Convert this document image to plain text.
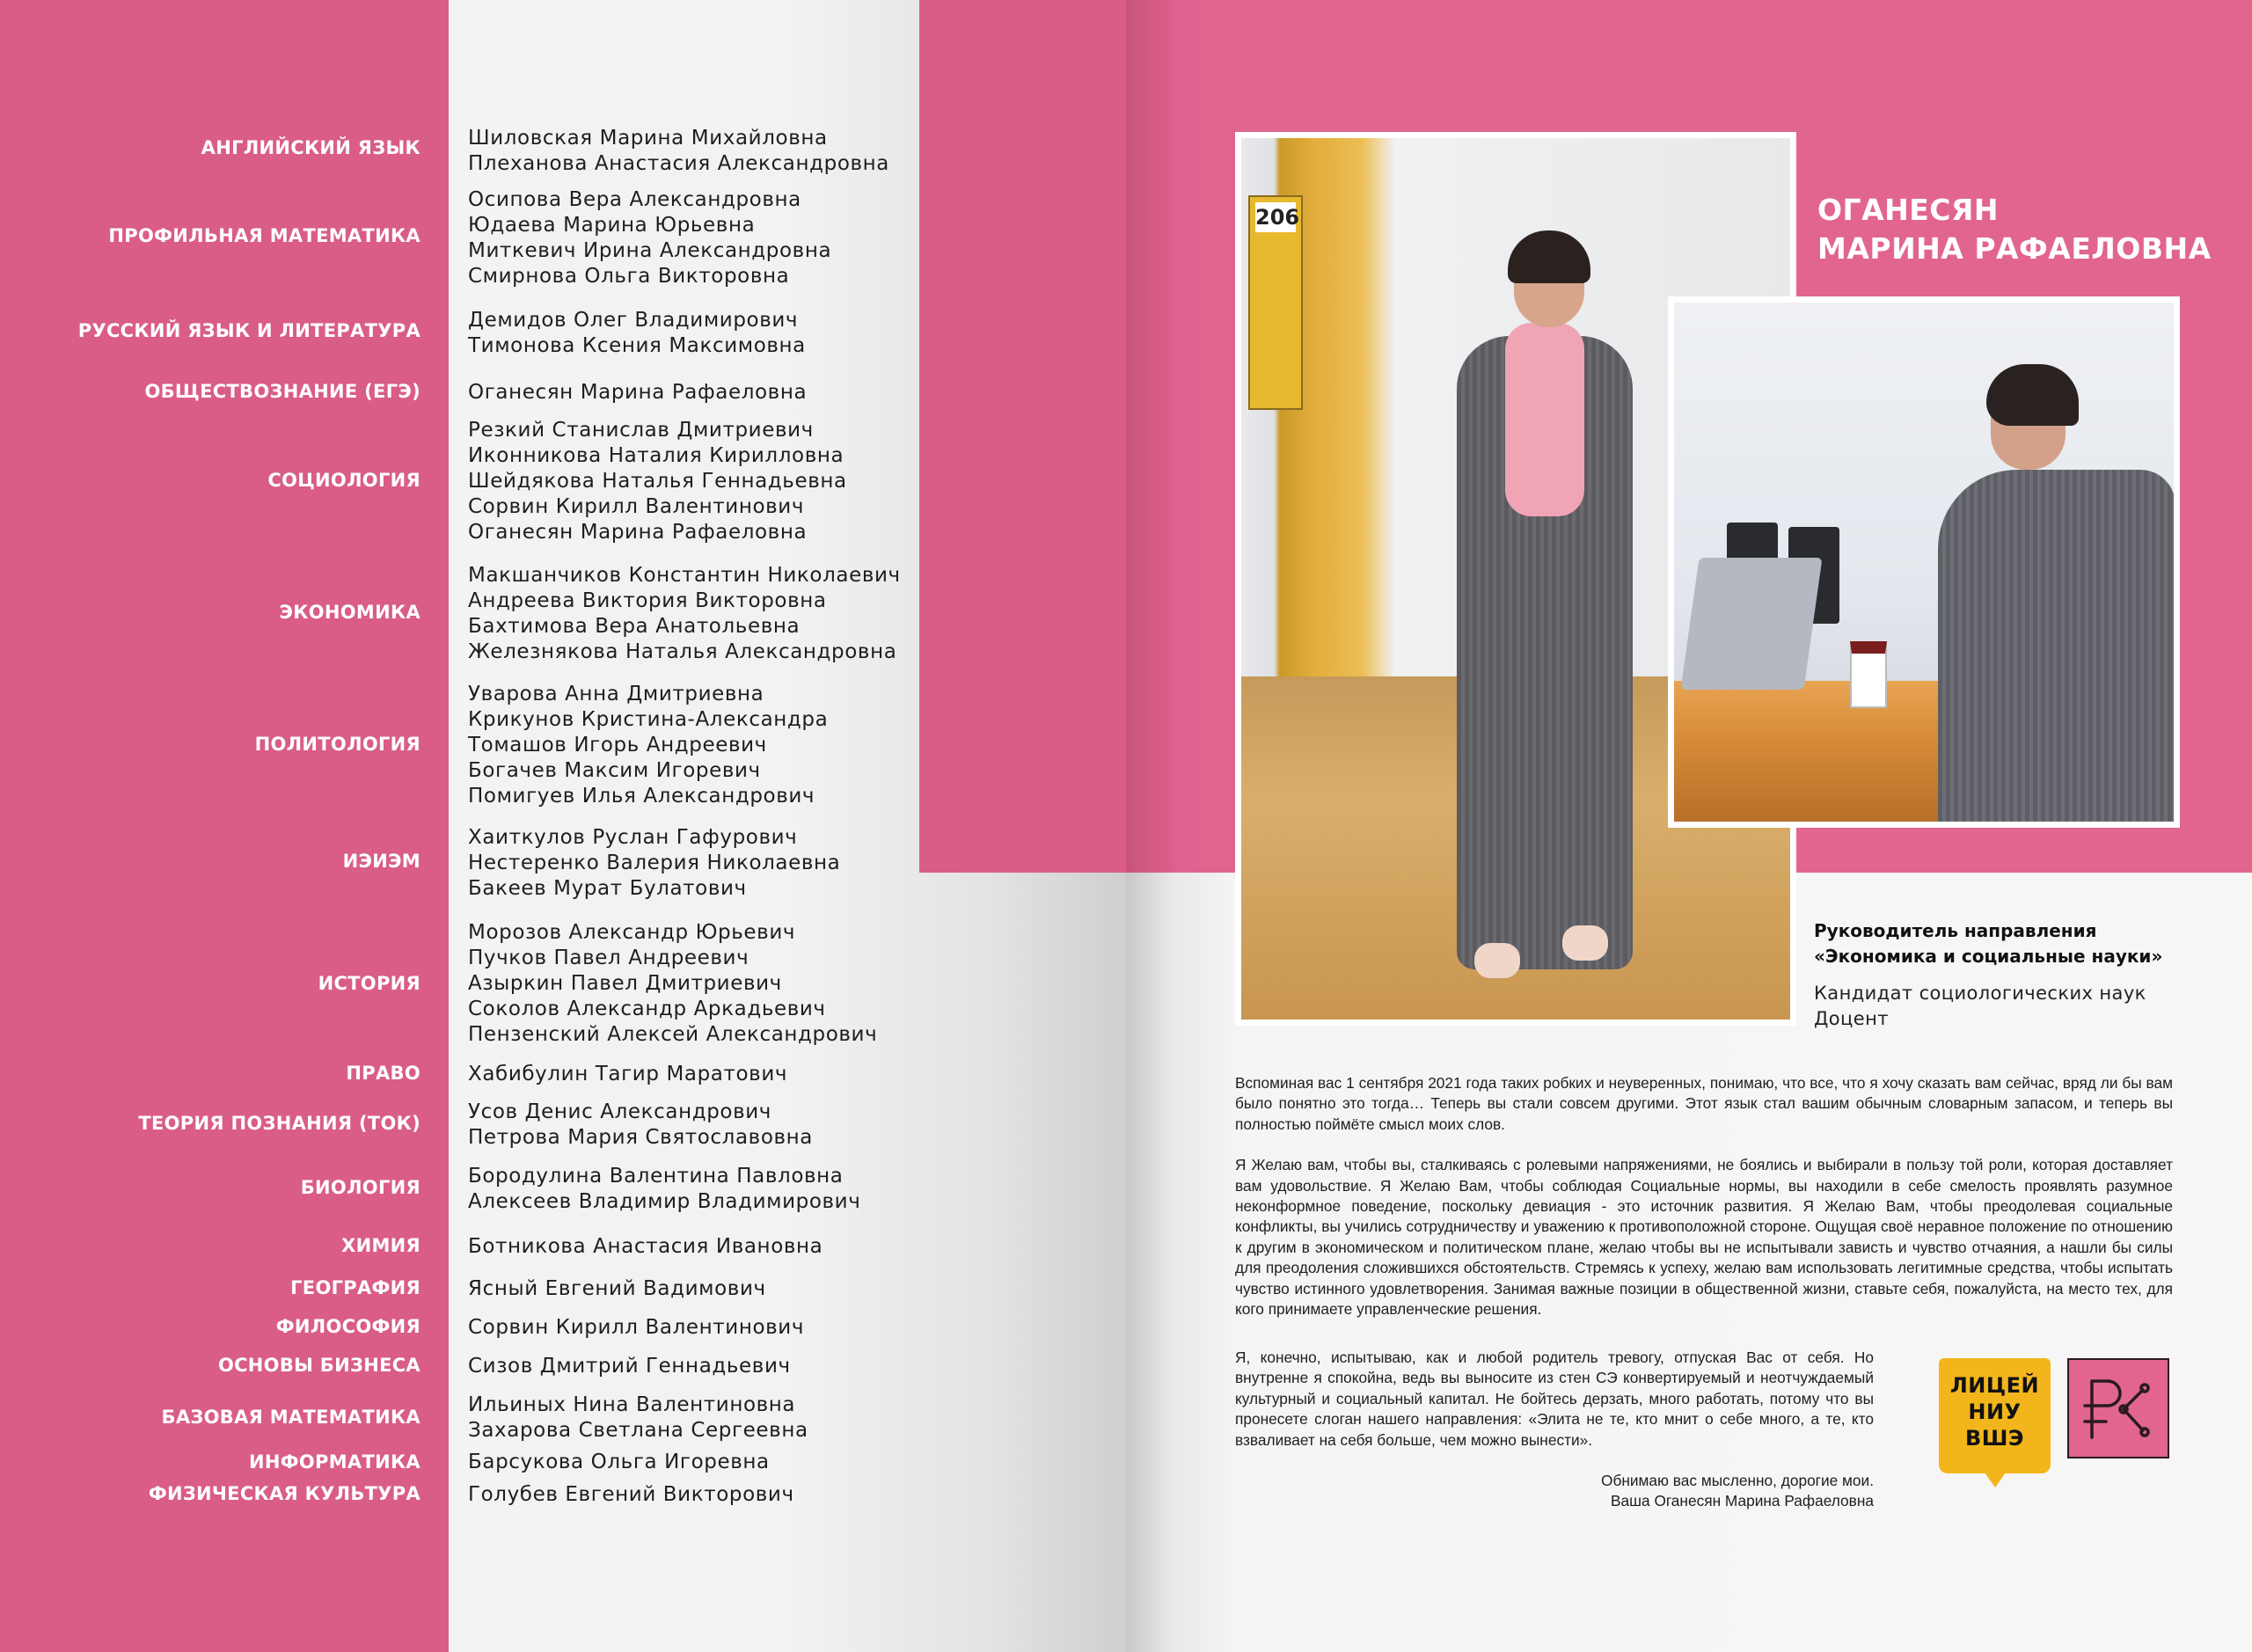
АНГЛИЙСКИЙ ЯЗЫК Шиловская Марина Михайловна
Плеханова Анастасия Александровна
ПРОФИЛЬНАЯ МАТЕМАТИКА
Осипова Вера Александровна
Юдаева Марина Юрьевна
Миткевич Ирина Александровна
Смирнова Ольга Викторовна
РУССКИЙ ЯЗЫК И ЛИТЕРАТУРА Демидов Олег Владимирович
Тимонова Ксения Максимовна
ОБЩЕСТВОЗНАНИЕ (ЕГЭ) Оганесян Марина Рафаеловна
СОЦИОЛОГИЯ
Резкий Станислав Дмитриевич
Иконникова Наталия Кирилловна
Шейдякова Наталья Геннадьевна
Сорвин Кирилл Валентинович
Оганесян Марина Рафаеловна
ЭКОНОМИКА
Макшанчиков Константин Николаевич
Андреева Виктория Викторовна
Бахтимова Вера Анатольевна
Железнякова Наталья Александровна
ПОЛИТОЛОГИЯ
Уварова Анна Дмитриевна
Крикунов Кристина-Александра
Томашов Игорь Андреевич
Богачев Максим Игоревич
Помигуев Илья Александрович
ИЭИЭМ
Хаиткулов Руслан Гафурович
Нестеренко Валерия Николаевна
Бакеев Мурат Булатович
ИСТОРИЯ
Морозов Александр Юрьевич
Пучков Павел Андреевич
Азыркин Павел Дмитриевич
Соколов Александр Аркадьевич
Пензенский Алексей Александрович
ПРАВО Хабибулин Тагир Маратович
ТЕОРИЯ ПОЗНАНИЯ (ТОК) Усов Денис Александрович
Петрова Мария Святославовна
БИОЛОГИЯ Бородулина Валентина Павловна
Алексеев Владимир Владимирович
ХИМИЯ Ботникова Анастасия Ивановна
ГЕОГРАФИЯ Ясный Евгений Вадимович
ФИЛОСОФИЯ Сорвин Кирилл Валентинович
ОСНОВЫ БИЗНЕСА Сизов Дмитрий Геннадьевич
БАЗОВАЯ МАТЕМАТИКА
Ильиных Нина Валентиновна
Захарова Светлана Сергеевна
ИНФОРМАТИКА Барсукова Ольга Игоревна
ФИЗИЧЕСКАЯ КУЛЬТУРА Голубев Евгений Викторович
206	ОГАНЕСЯН
МАРИНА РАФАЕЛОВНА
Руководитель направления
«Экономика и социальные науки»
Кандидат социологических наук
Доцент

Вспоминая вас 1 сентября 2021 года таких робких и неуверенных, понимаю, что все, что я хочу сказать вам сейчас, вряд ли бы вам было понятно это тогда… Теперь вы стали совсем другими. Этот язык стал вашим обычным словарным запасом, и теперь вы полностью поймёте смысл моих слов.

Я Желаю вам, чтобы вы, сталкиваясь с ролевыми напряжениями, не боялись и выбирали в пользу той роли, которая доставляет вам удовольствие. Я Желаю Вам, чтобы соблюдая Социальные нормы, вы находили в себе смелость проявлять разумное неконформное поведение, поскольку девиация - это источник развития. Я Желаю Вам, чтобы преодолевая социальные конфликты, вы учились сотрудничеству и уважению к противоположной стороне. Ощущая своё неравное положение по отношению к другим в экономическом и политическом плане, желаю чтобы вы не испытывали зависть и чувство отчаяния, а нашли бы силы для преодоления сложившихся обстоятельств. Стремясь к успеху, желаю вам использовать легитимные средства, чтобы испытать чувство истинного удовлетворения. Занимая важные позиции в общественной жизни, ставьте себя, пожалуйста, на место тех, для кого принимаете управленческие решения.

Я, конечно, испытываю, как и любой родитель тревогу, отпуская Вас от себя. Но внутренне я спокойна, ведь вы выносите из стен СЭ конвертируемый и неотчуждаемый культурный и социальный капитал. Не бойтесь дерзать, много работать, потому что вы пронесете слоган нашего направления: «Элита не те, кто мнит о себе много, а те, кто взваливает на себя больше, чем можно вынести».
Обнимаю вас мысленно, дорогие мои.
Ваша Оганесян Марина Рафаеловна
ЛИЦЕЙ
НИУ
ВШЭ
